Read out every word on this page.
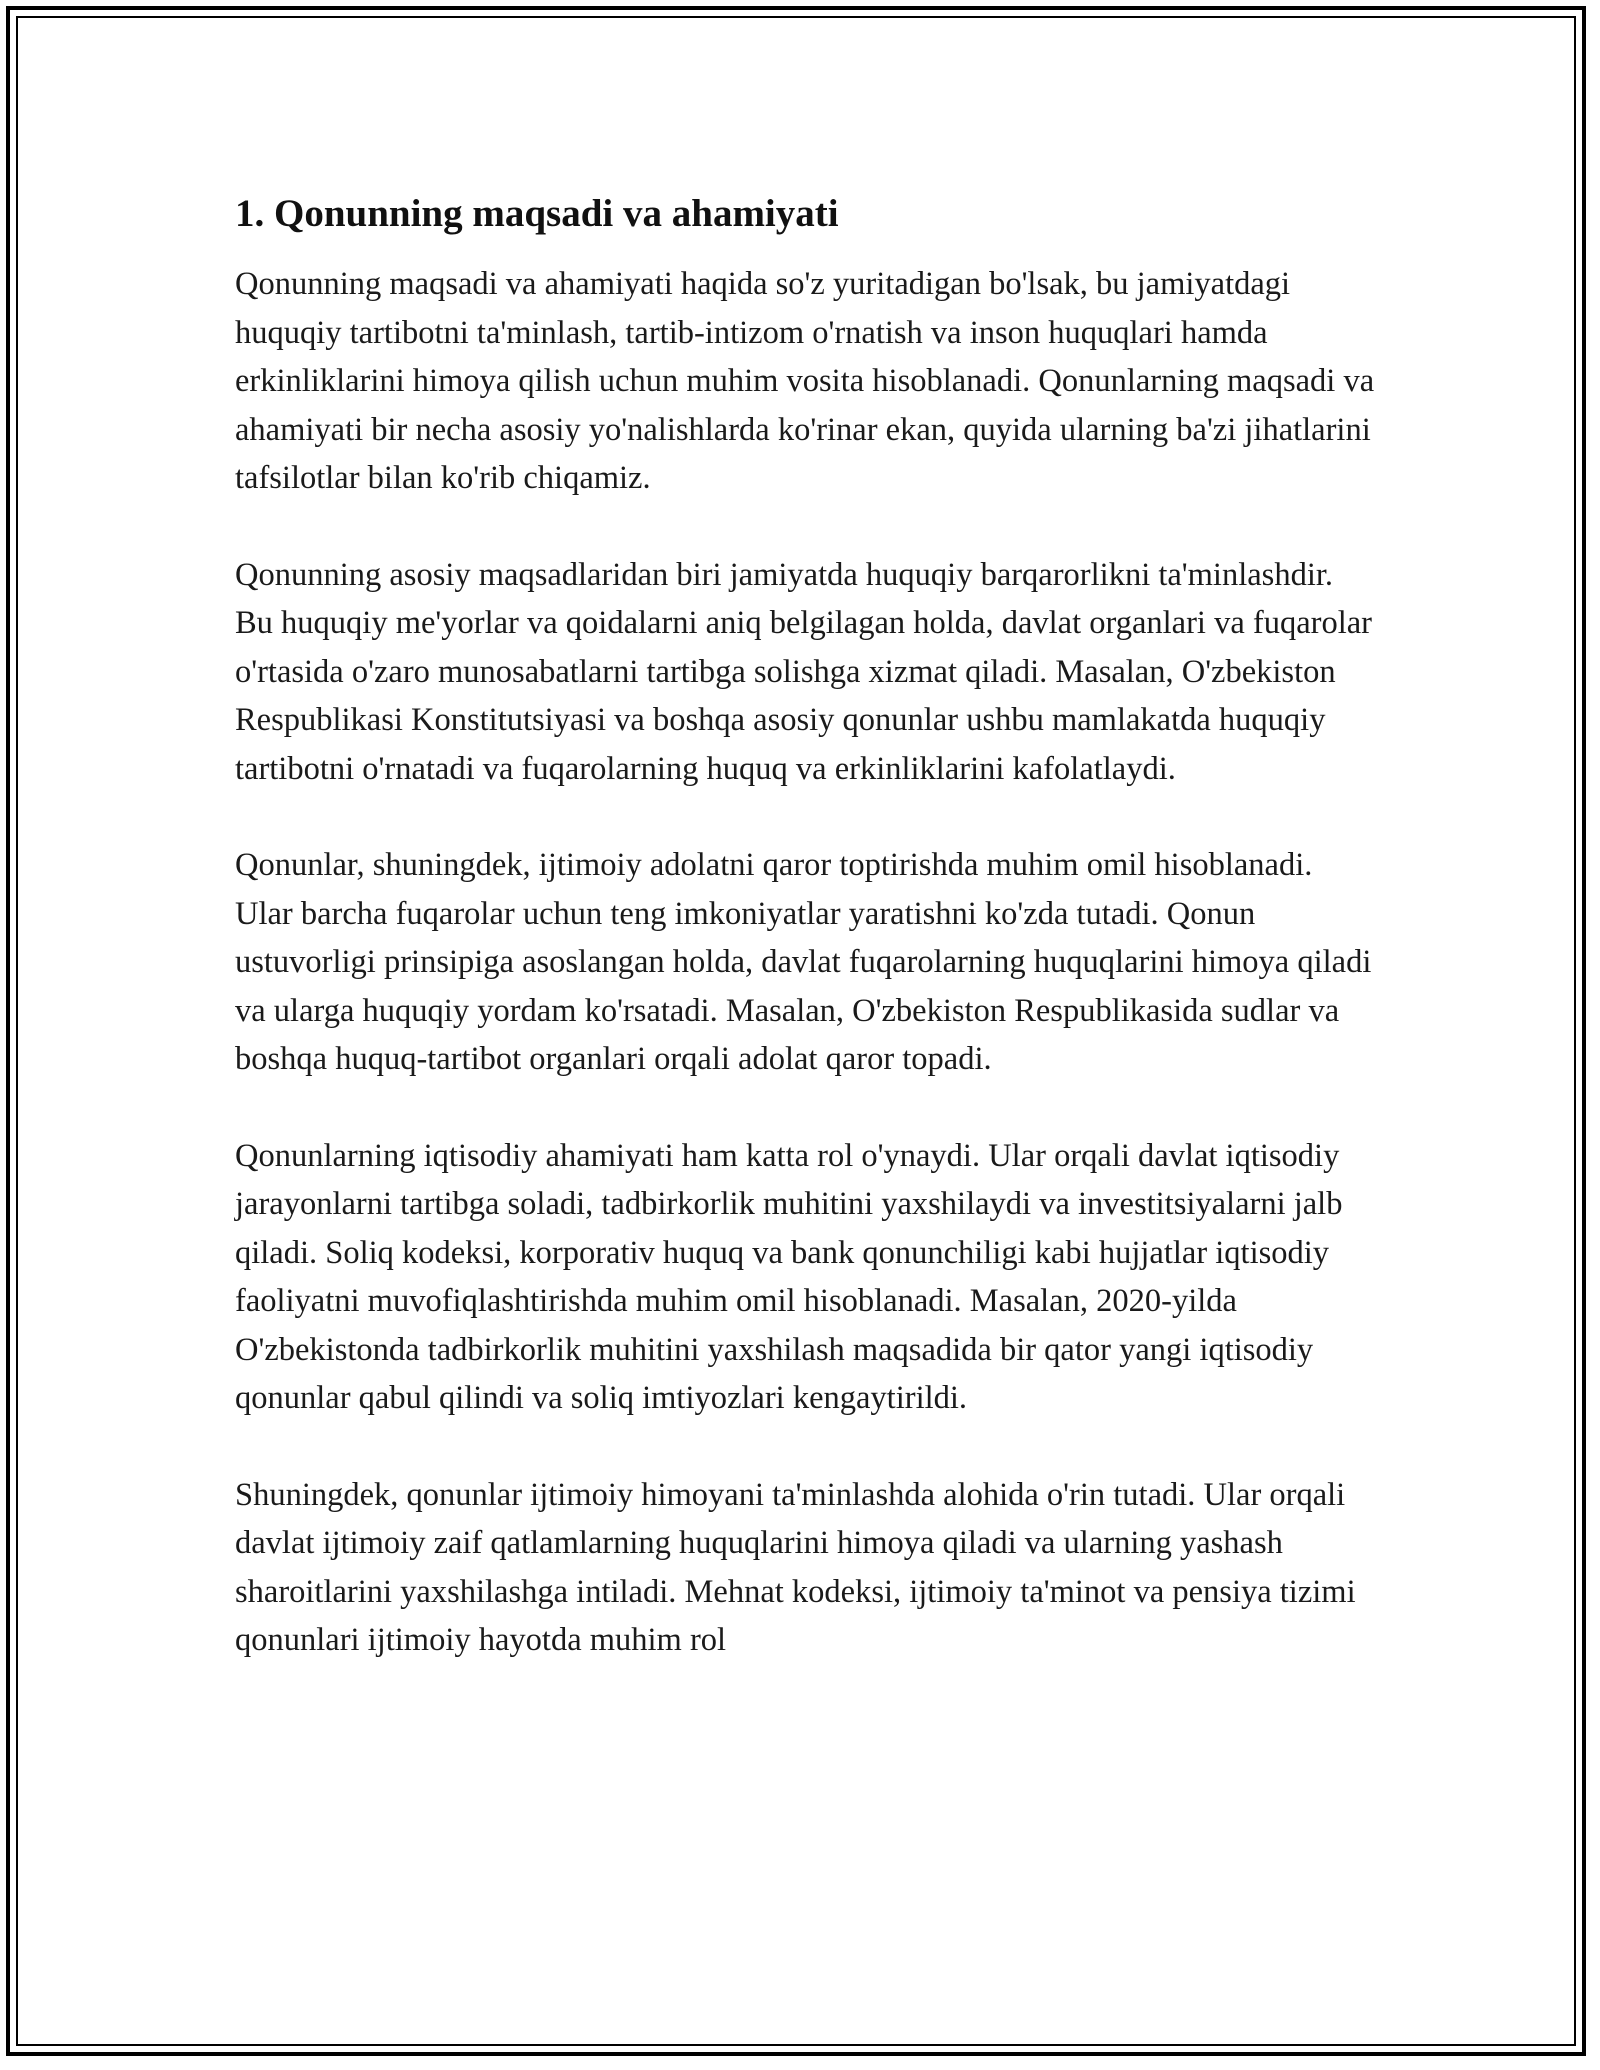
1. Qonunning maqsadi va ahamiyati

Qonunning maqsadi va ahamiyati haqida so'z yuritadigan bo'lsak, bu jamiyatdagi huquqiy tartibotni ta'minlash, tartib-intizom o'rnatish va inson huquqlari hamda erkinliklarini himoya qilish uchun muhim vosita hisoblanadi. Qonunlarning maqsadi va ahamiyati bir necha asosiy yo'nalishlarda ko'rinar ekan, quyida ularning ba'zi jihatlarini tafsilotlar bilan ko'rib chiqamiz.

Qonunning asosiy maqsadlaridan biri jamiyatda huquqiy barqarorlikni ta'minlashdir. Bu huquqiy me'yorlar va qoidalarni aniq belgilagan holda, davlat organlari va fuqarolar o'rtasida o'zaro munosabatlarni tartibga solishga xizmat qiladi. Masalan, O'zbekiston Respublikasi Konstitutsiyasi va boshqa asosiy qonunlar ushbu mamlakatda huquqiy tartibotni o'rnatadi va fuqarolarning huquq va erkinliklarini kafolatlaydi.

Qonunlar, shuningdek, ijtimoiy adolatni qaror toptirishda muhim omil hisoblanadi. Ular barcha fuqarolar uchun teng imkoniyatlar yaratishni ko'zda tutadi. Qonun ustuvorligi prinsipiga asoslangan holda, davlat fuqarolarning huquqlarini himoya qiladi va ularga huquqiy yordam ko'rsatadi. Masalan, O'zbekiston Respublikasida sudlar va boshqa huquq-tartibot organlari orqali adolat qaror topadi.

Qonunlarning iqtisodiy ahamiyati ham katta rol o'ynaydi. Ular orqali davlat iqtisodiy jarayonlarni tartibga soladi, tadbirkorlik muhitini yaxshilaydi va investitsiyalarni jalb qiladi. Soliq kodeksi, korporativ huquq va bank qonunchiligi kabi hujjatlar iqtisodiy faoliyatni muvofiqlashtirishda muhim omil hisoblanadi. Masalan, 2020-yilda O'zbekistonda tadbirkorlik muhitini yaxshilash maqsadida bir qator yangi iqtisodiy qonunlar qabul qilindi va soliq imtiyozlari kengaytirildi.

Shuningdek, qonunlar ijtimoiy himoyani ta'minlashda alohida o'rin tutadi. Ular orqali davlat ijtimoiy zaif qatlamlarning huquqlarini himoya qiladi va ularning yashash sharoitlarini yaxshilashga intiladi. Mehnat kodeksi, ijtimoiy ta'minot va pensiya tizimi qonunlari ijtimoiy hayotda muhim rol
